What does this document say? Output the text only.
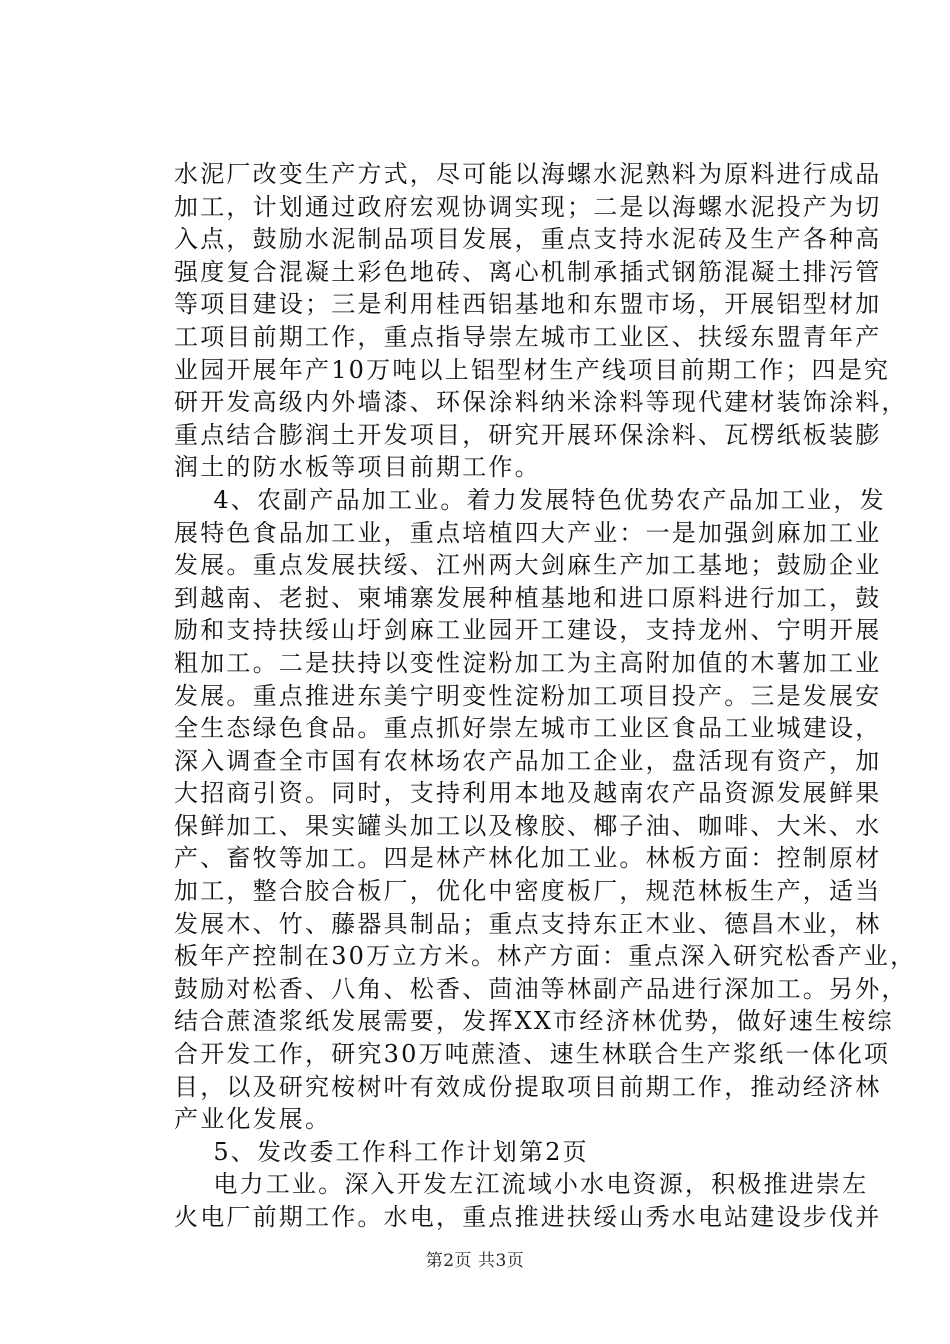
水泥厂改变生产方式，尽可能以海螺水泥熟料为原料进行成品
加工，计划通过政府宏观协调实现；二是以海螺水泥投产为切
入点，鼓励水泥制品项目发展，重点支持水泥砖及生产各种高
强度复合混凝土彩色地砖、离心机制承插式钢筋混凝土排污管
等项目建设；三是利用桂西铝基地和东盟市场，开展铝型材加
工项目前期工作，重点指导崇左城市工业区、扶绥东盟青年产
业园开展年产10万吨以上铝型材生产线项目前期工作；四是究
研开发高级内外墙漆、环保涂料纳米涂料等现代建材装饰涂料，
重点结合膨润土开发项目，研究开展环保涂料、瓦楞纸板装膨
润土的防水板等项目前期工作。
4、农副产品加工业。着力发展特色优势农产品加工业，发
展特色食品加工业，重点培植四大产业：一是加强剑麻加工业
发展。重点发展扶绥、江州两大剑麻生产加工基地；鼓励企业
到越南、老挝、柬埔寨发展种植基地和进口原料进行加工，鼓
励和支持扶绥山圩剑麻工业园开工建设，支持龙州、宁明开展
粗加工。二是扶持以变性淀粉加工为主高附加值的木薯加工业
发展。重点推进东美宁明变性淀粉加工项目投产。三是发展安
全生态绿色食品。重点抓好崇左城市工业区食品工业城建设，
深入调查全市国有农林场农产品加工企业，盘活现有资产，加
大招商引资。同时，支持利用本地及越南农产品资源发展鲜果
保鲜加工、果实罐头加工以及橡胶、椰子油、咖啡、大米、水
产、畜牧等加工。四是林产林化加工业。林板方面：控制原材
加工，整合胶合板厂，优化中密度板厂，规范林板生产，适当
发展木、竹、藤器具制品；重点支持东正木业、德昌木业，林
板年产控制在30万立方米。林产方面：重点深入研究松香产业，
鼓励对松香、八角、松香、茴油等林副产品进行深加工。另外，
结合蔗渣浆纸发展需要，发挥XX市经济林优势，做好速生桉综
合开发工作，研究30万吨蔗渣、速生林联合生产浆纸一体化项
目，以及研究桉树叶有效成份提取项目前期工作，推动经济林
产业化发展。
5、发改委工作科工作计划第2页
电力工业。深入开发左江流域小水电资源，积极推进崇左
火电厂前期工作。水电，重点推进扶绥山秀水电站建设步伐并
第2页 共3页
